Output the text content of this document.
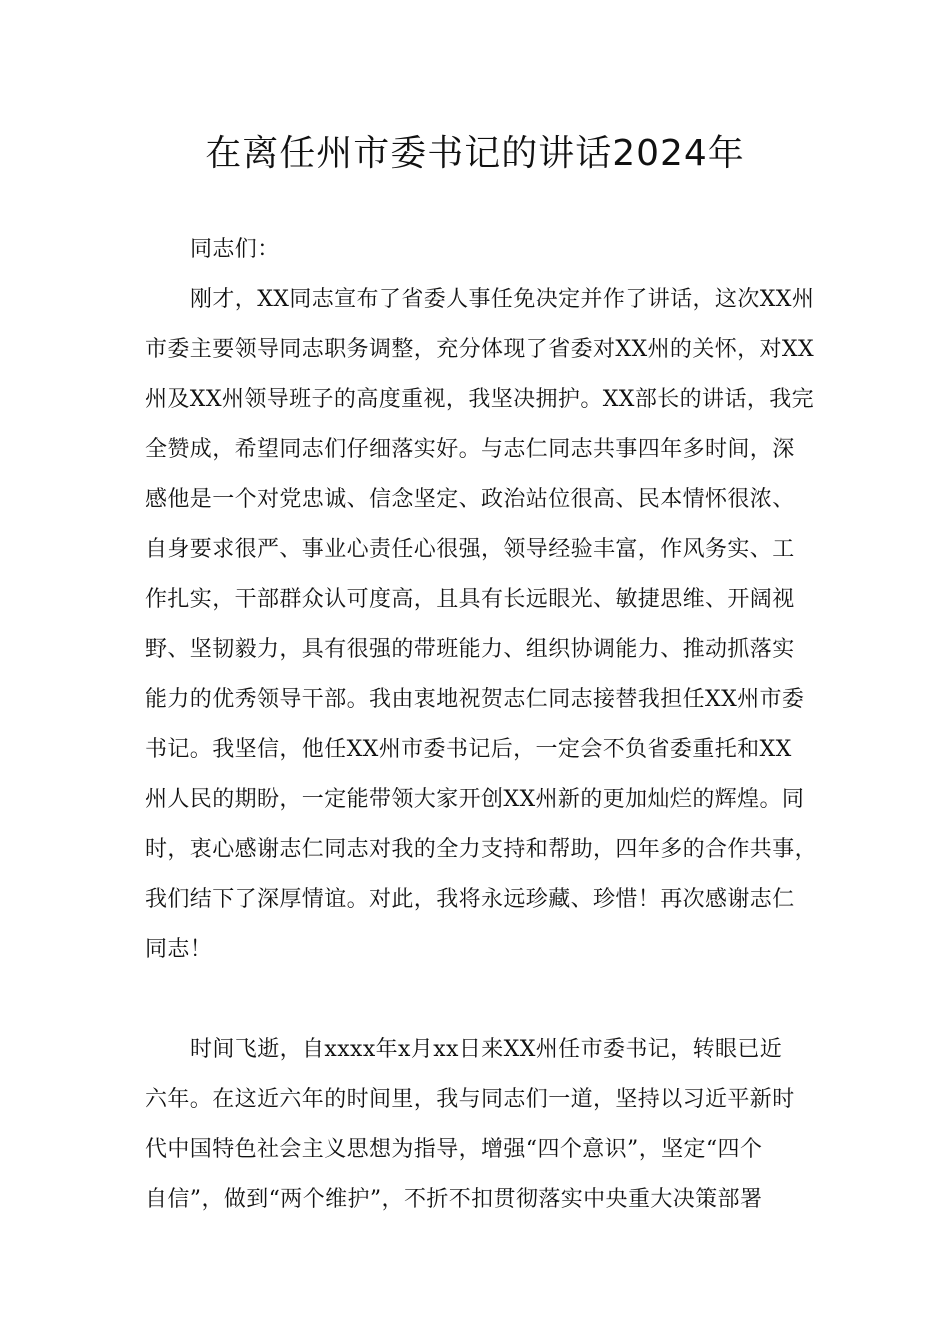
在离任州市委书记的讲话2024年
同志们：
刚才，XX同志宣布了省委人事任免决定并作了讲话，这次XX州
市委主要领导同志职务调整，充分体现了省委对XX州的关怀，对XX
州及XX州领导班子的高度重视，我坚决拥护。XX部长的讲话，我完
全赞成，希望同志们仔细落实好。与志仁同志共事四年多时间，深
感他是一个对党忠诚、信念坚定、政治站位很高、民本情怀很浓、
自身要求很严、事业心责任心很强，领导经验丰富，作风务实、工
作扎实，干部群众认可度高，且具有长远眼光、敏捷思维、开阔视
野、坚韧毅力，具有很强的带班能力、组织协调能力、推动抓落实
能力的优秀领导干部。我由衷地祝贺志仁同志接替我担任XX州市委
书记。我坚信，他任XX州市委书记后，一定会不负省委重托和XX
州人民的期盼，一定能带领大家开创XX州新的更加灿烂的辉煌。同
时，衷心感谢志仁同志对我的全力支持和帮助，四年多的合作共事，
我们结下了深厚情谊。对此，我将永远珍藏、珍惜！再次感谢志仁
同志！
时间飞逝，自xxxx年x月xx日来XX州任市委书记，转眼已近
六年。在这近六年的时间里，我与同志们一道，坚持以习近平新时
代中国特色社会主义思想为指导，增强“四个意识”，坚定“四个
自信”，做到“两个维护”，不折不扣贯彻落实中央重大决策部署
